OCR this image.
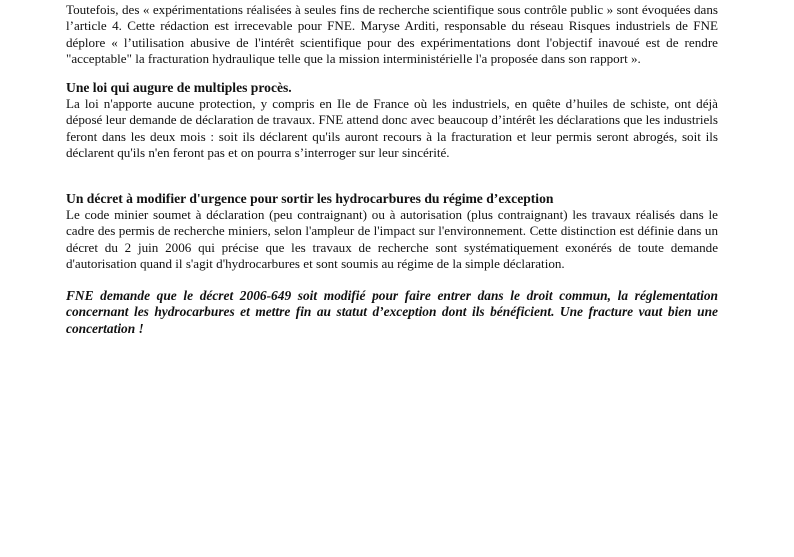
Toutefois, des « expérimentations réalisées à seules fins de recherche scientifique sous contrôle public » sont évoquées dans l’article 4. Cette rédaction est irrecevable pour FNE. Maryse Arditi, responsable du réseau Risques industriels de FNE déplore « l’utilisation abusive de l'intérêt scientifique pour des expérimentations dont l'objectif inavoué est de rendre "acceptable" la fracturation hydraulique telle que la mission interministérielle l'a proposée dans son rapport ».

Une loi qui augure de multiples procès.

La loi n'apporte aucune protection, y compris en Ile de France où les industriels, en quête d’huiles de schiste, ont déjà déposé leur demande de déclaration de travaux. FNE attend donc avec beaucoup d’intérêt les déclarations que les industriels feront dans les deux mois : soit ils déclarent qu'ils auront recours à la fracturation et leur permis seront abrogés, soit ils déclarent qu'ils n'en feront pas et on pourra s’interroger sur leur sincérité.

Un décret à modifier d'urgence pour sortir les hydrocarbures du régime d’exception

Le code minier soumet à déclaration (peu contraignant) ou à autorisation (plus contraignant) les travaux réalisés dans le cadre des permis de recherche miniers, selon l'ampleur de l'impact sur l'environnement. Cette distinction est définie dans un décret du 2 juin 2006 qui précise que les travaux de recherche sont systématiquement exonérés de toute demande d'autorisation quand il s'agit d'hydrocarbures et sont soumis au régime de la simple déclaration.

FNE demande que le décret 2006-649 soit modifié pour faire entrer dans le droit commun, la réglementation concernant les hydrocarbures et mettre fin au statut d’exception dont ils bénéficient. Une fracture vaut bien une concertation !
